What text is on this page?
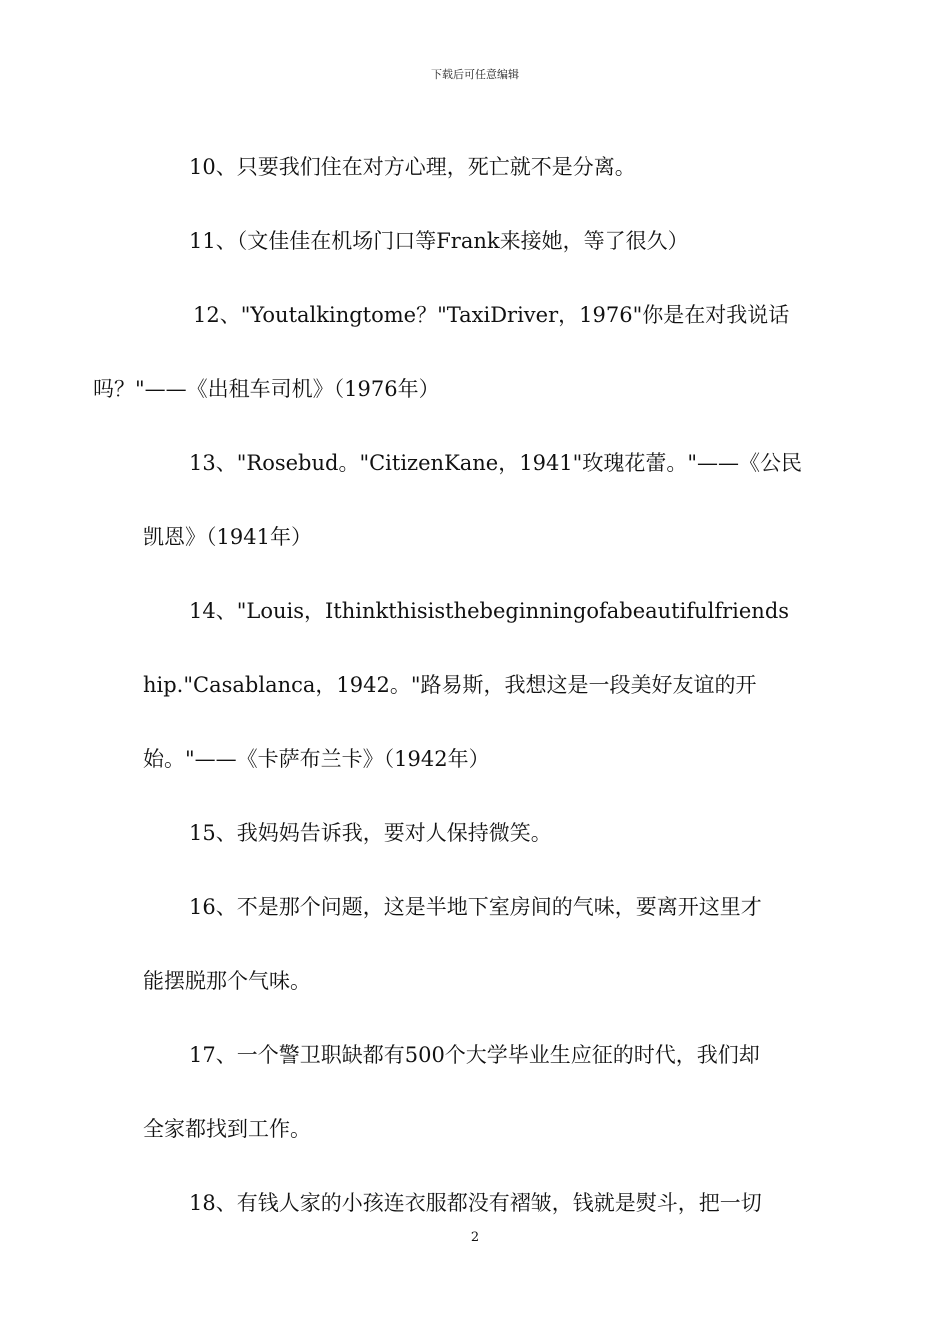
下载后可任意编辑

10、只要我们住在对方心理，死亡就不是分离。

11、（文佳佳在机场门口等Frank来接她，等了很久）

12、"Youtalkingtome？"TaxiDriver，1976"你是在对我说话
吗？"——《出租车司机》（1976年）

13、"Rosebud。"CitizenKane，1941"玫瑰花蕾。"——《公民
凯恩》（1941年）

14、"Louis，Ithinkthisisthebeginningofabeautifulfriends
hip."Casablanca，1942。"路易斯，我想这是一段美好友谊的开
始。"——《卡萨布兰卡》（1942年）

15、我妈妈告诉我，要对人保持微笑。

16、不是那个问题，这是半地下室房间的气味，要离开这里才
能摆脱那个气味。

17、一个警卫职缺都有500个大学毕业生应征的时代，我们却
全家都找到工作。

18、有钱人家的小孩连衣服都没有褶皱，钱就是熨斗，把一切

2
